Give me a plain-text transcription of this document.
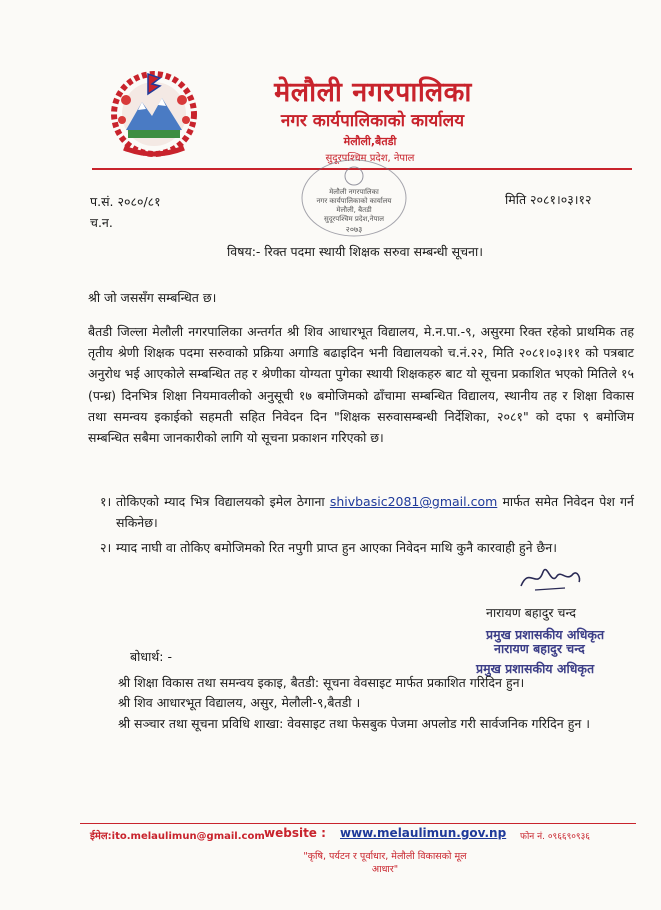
मेलौली नगरपालिका
नगर कार्यपालिकाको कार्यालय
मेलौली,बैतडी
सुदूरपश्चिम प्रदेश, नेपाल
मेलौली नगरपालिका
नगर कार्यपालिकाको कार्यालय
मेलौली, बैतडी
सुदूरपश्चिम प्रदेश,नेपाल
२०७३
प.सं. २०८०/८१
च.न.
मिति २०८१।०३।१२
विषय:- रिक्त पदमा स्थायी शिक्षक सरुवा सम्बन्धी सूचना।
श्री जो जससँग सम्बन्धित छ।
बैतडी जिल्ला मेलौली नगरपालिका अन्तर्गत श्री शिव आधारभूत विद्यालय, मे.न.पा.-९, असुरमा रिक्त रहेको प्राथमिक तह तृतीय श्रेणी शिक्षक पदमा सरुवाको प्रक्रिया अगाडि बढाइदिन भनी विद्यालयको च.नं.२२, मिति २०८१।०३।११ को पत्रबाट अनुरोध भई आएकोले सम्बन्धित तह र श्रेणीका योग्यता पुगेका स्थायी शिक्षकहरु बाट यो सूचना प्रकाशित भएको मितिले १५ (पन्ध्र) दिनभित्र शिक्षा नियमावलीको अनुसूची १७ बमोजिमको ढाँचामा सम्बन्धित विद्यालय, स्थानीय तह र शिक्षा विकास तथा समन्वय इकाईको सहमती सहित निवेदन दिन "शिक्षक सरुवासम्बन्धी निर्देशिका, २०८१" को दफा ९ बमोजिम सम्बन्धित सबैमा जानकारीको लागि यो सूचना प्रकाशन गरिएको छ।
१। तोकिएको म्याद भित्र विद्यालयको इमेल ठेगाना shivbasic2081@gmail.com मार्फत समेत निवेदन पेश गर्न सकिनेछ।
२। म्याद नाघी वा तोकिए बमोजिमको रित नपुगी प्राप्त हुन आएका निवेदन माथि कुनै कारवाही हुने छैन।
नारायण बहादुर चन्द
प्रमुख प्रशासकीय अधिकृत
नारायण बहादुर चन्द
प्रमुख प्रशासकीय अधिकृत
बोधार्थ: -
श्री शिक्षा विकास तथा समन्वय इकाइ, बैतडी: सूचना वेवसाइट मार्फत प्रकाशित गरिदिन हुन।
श्री शिव आधारभूत विद्यालय, असुर, मेलौली-९,बैतडी ।
श्री सञ्चार तथा सूचना प्रविधि शाखा: वेवसाइट तथा फेसबुक पेजमा अपलोड गरी सार्वजनिक गरिदिन हुन ।
ईमेल:ito.melaulimun@gmail.com website : www.melaulimun.gov.np फोन नं. ०९६६९०९३६
"कृषि, पर्यटन र पूर्वाधार, मेलौली विकासको मूल आधार"
